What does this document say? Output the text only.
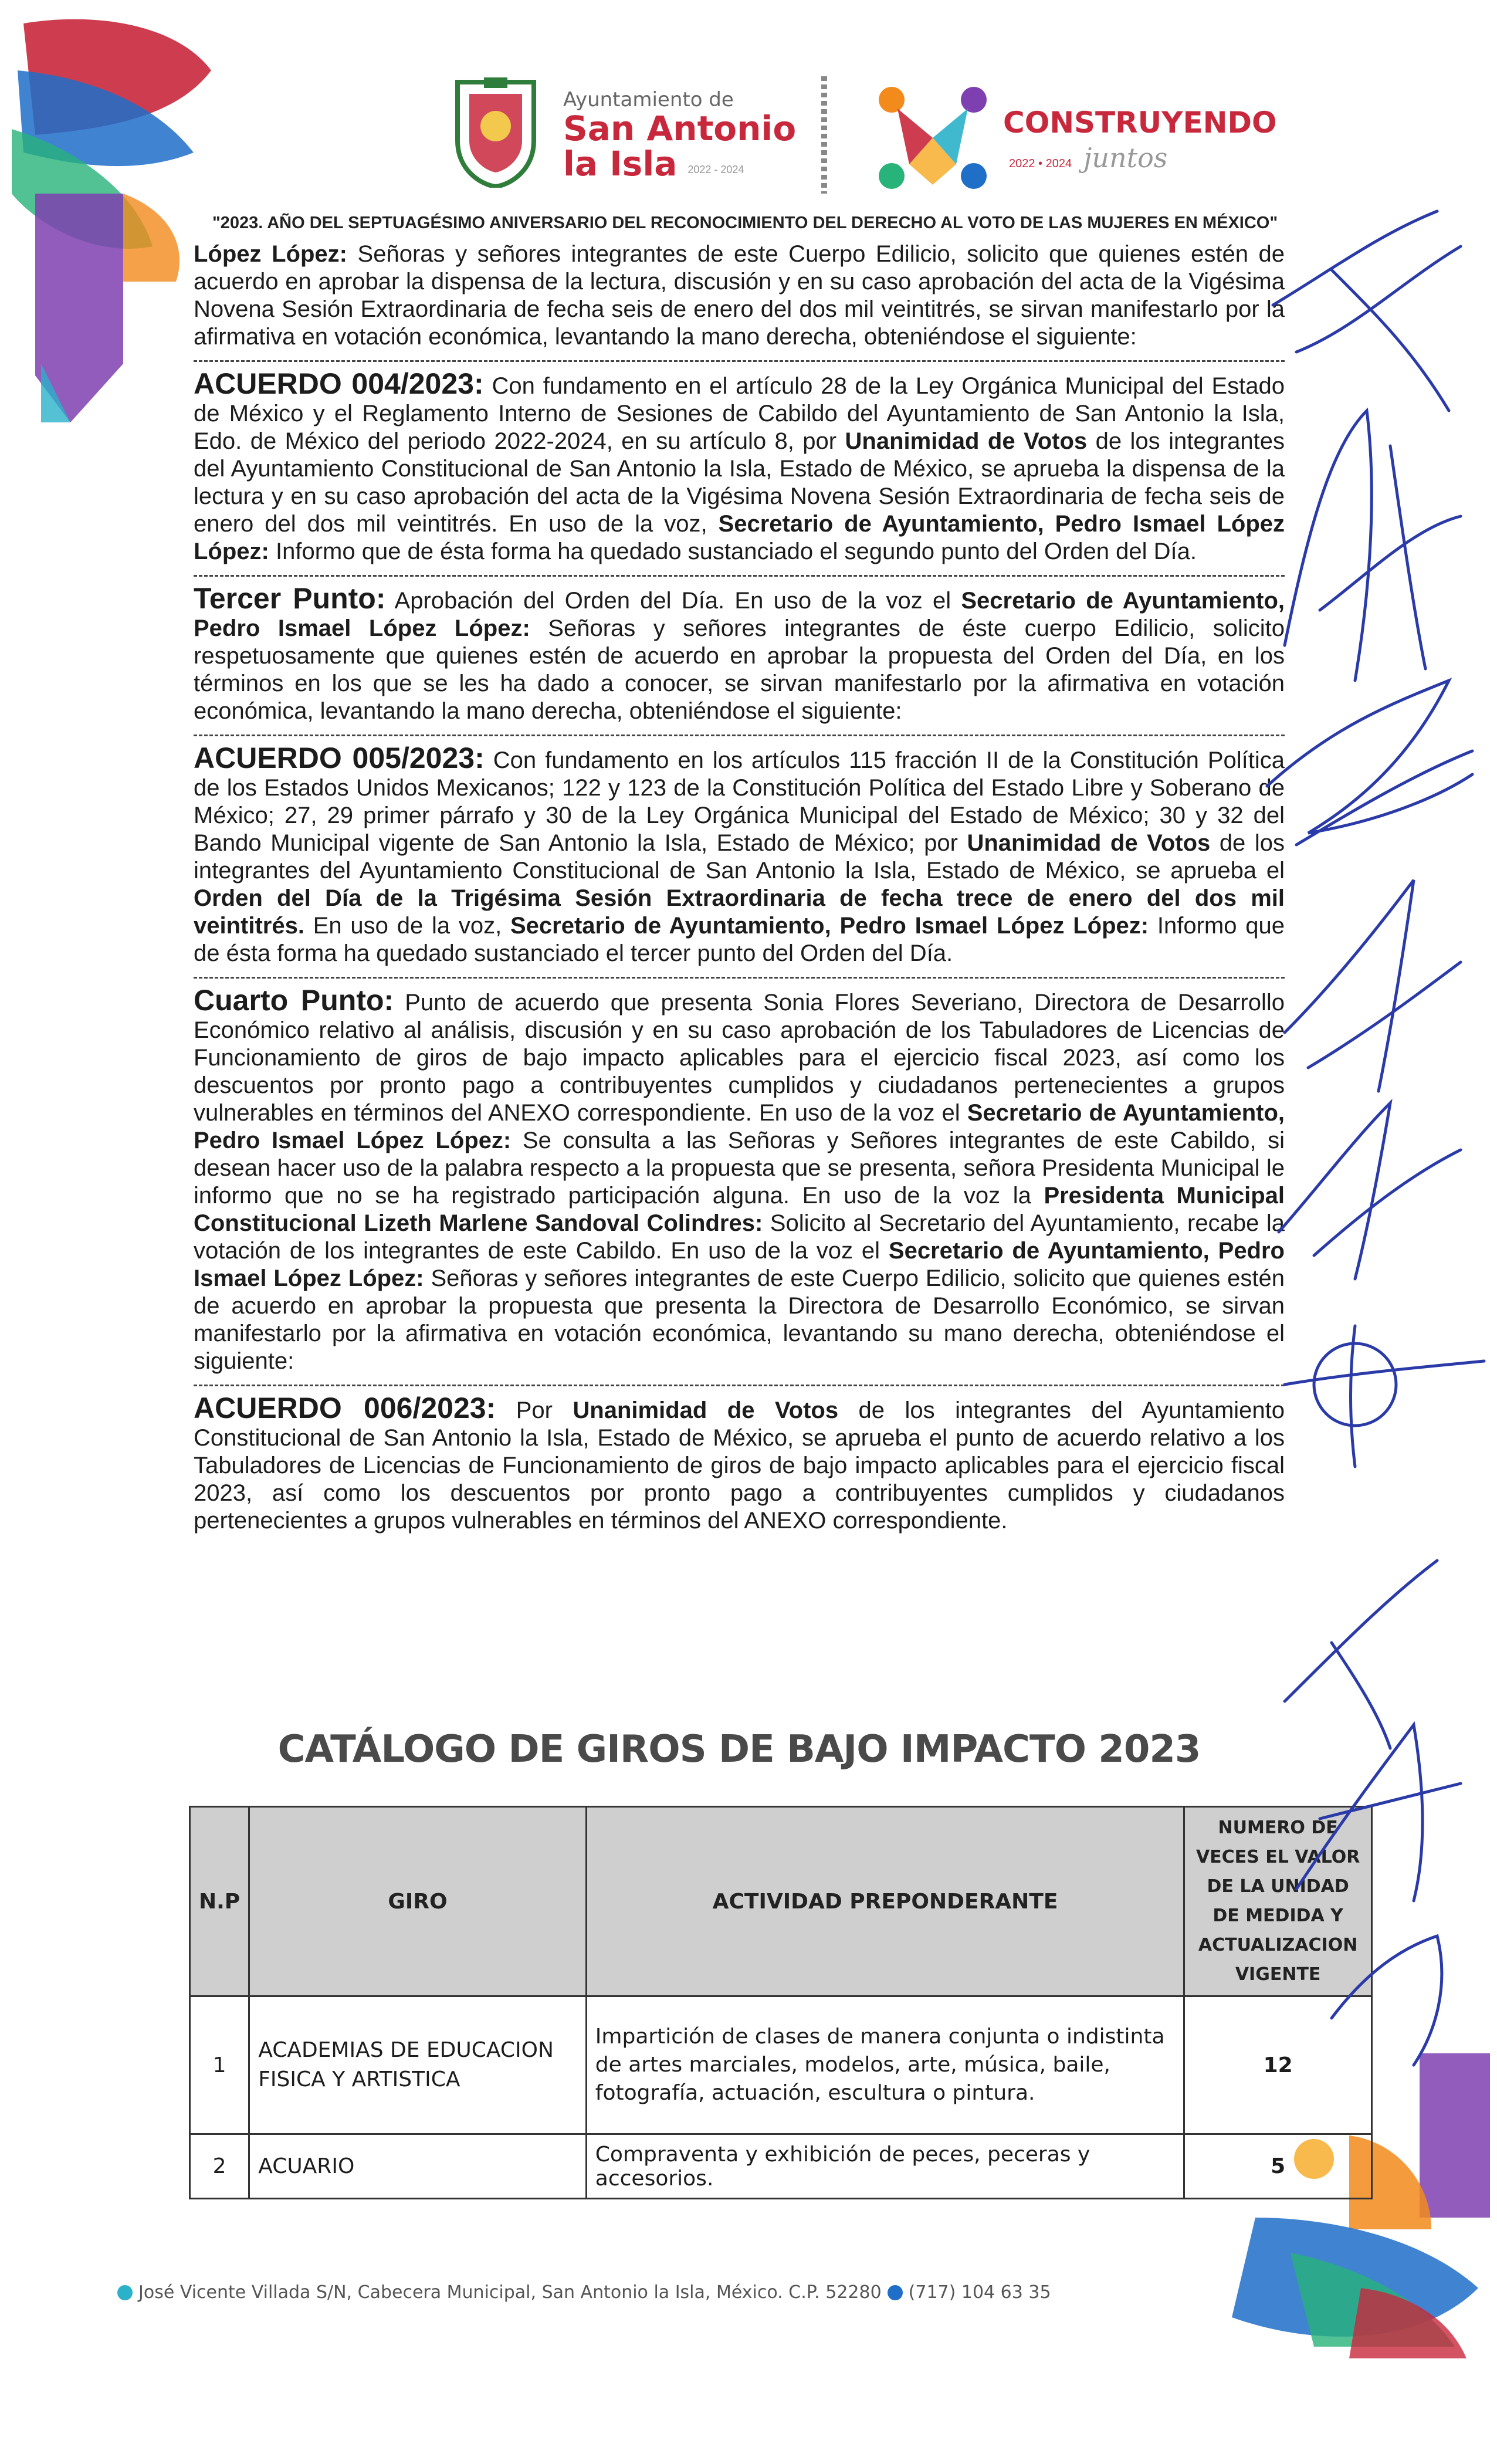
Ayuntamiento de
San Antonio
la Isla 2022 - 2024
CONSTRUYENDO
2022 • 2024 juntos
"2023. AÑO DEL SEPTUAGÉSIMO ANIVERSARIO DEL RECONOCIMIENTO DEL DERECHO AL VOTO DE LAS MUJERES EN MÉXICO"

López López: Señoras y señores integrantes de este Cuerpo Edilicio, solicito que quienes estén de acuerdo en aprobar la dispensa de la lectura, discusión y en su caso aprobación del acta de la Vigésima Novena Sesión Extraordinaria de fecha seis de enero del dos mil veintitrés, se sirvan manifestarlo por la afirmativa en votación económica, levantando la mano derecha, obteniéndose el siguiente:

ACUERDO 004/2023: Con fundamento en el artículo 28 de la Ley Orgánica Municipal del Estado de México y el Reglamento Interno de Sesiones de Cabildo del Ayuntamiento de San Antonio la Isla, Edo. de México del periodo 2022-2024, en su artículo 8, por Unanimidad de Votos de los integrantes del Ayuntamiento Constitucional de San Antonio la Isla, Estado de México, se aprueba la dispensa de la lectura y en su caso aprobación del acta de la Vigésima Novena Sesión Extraordinaria de fecha seis de enero del dos mil veintitrés. En uso de la voz, Secretario de Ayuntamiento, Pedro Ismael López López: Informo que de ésta forma ha quedado sustanciado el segundo punto del Orden del Día.

Tercer Punto: Aprobación del Orden del Día. En uso de la voz el Secretario de Ayuntamiento, Pedro Ismael López López: Señoras y señores integrantes de éste cuerpo Edilicio, solicito respetuosamente que quienes estén de acuerdo en aprobar la propuesta del Orden del Día, en los términos en los que se les ha dado a conocer, se sirvan manifestarlo por la afirmativa en votación económica, levantando la mano derecha, obteniéndose el siguiente:

ACUERDO 005/2023: Con fundamento en los artículos 115 fracción II de la Constitución Política de los Estados Unidos Mexicanos; 122 y 123 de la Constitución Política del Estado Libre y Soberano de México; 27, 29 primer párrafo y 30 de la Ley Orgánica Municipal del Estado de México; 30 y 32 del Bando Municipal vigente de San Antonio la Isla, Estado de México; por Unanimidad de Votos de los integrantes del Ayuntamiento Constitucional de San Antonio la Isla, Estado de México, se aprueba el Orden del Día de la Trigésima Sesión Extraordinaria de fecha trece de enero del dos mil veintitrés. En uso de la voz, Secretario de Ayuntamiento, Pedro Ismael López López: Informo que de ésta forma ha quedado sustanciado el tercer punto del Orden del Día.

Cuarto Punto: Punto de acuerdo que presenta Sonia Flores Severiano, Directora de Desarrollo Económico relativo al análisis, discusión y en su caso aprobación de los Tabuladores de Licencias de Funcionamiento de giros de bajo impacto aplicables para el ejercicio fiscal 2023, así como los descuentos por pronto pago a contribuyentes cumplidos y ciudadanos pertenecientes a grupos vulnerables en términos del ANEXO correspondiente. En uso de la voz el Secretario de Ayuntamiento, Pedro Ismael López López: Se consulta a las Señoras y Señores integrantes de este Cabildo, si desean hacer uso de la palabra respecto a la propuesta que se presenta, señora Presidenta Municipal le informo que no se ha registrado participación alguna. En uso de la voz la Presidenta Municipal Constitucional Lizeth Marlene Sandoval Colindres: Solicito al Secretario del Ayuntamiento, recabe la votación de los integrantes de este Cabildo. En uso de la voz el Secretario de Ayuntamiento, Pedro Ismael López López: Señoras y señores integrantes de este Cuerpo Edilicio, solicito que quienes estén de acuerdo en aprobar la propuesta que presenta la Directora de Desarrollo Económico, se sirvan manifestarlo por la afirmativa en votación económica, levantando su mano derecha, obteniéndose el siguiente:

ACUERDO 006/2023: Por Unanimidad de Votos de los integrantes del Ayuntamiento Constitucional de San Antonio la Isla, Estado de México, se aprueba el punto de acuerdo relativo a los Tabuladores de Licencias de Funcionamiento de giros de bajo impacto aplicables para el ejercicio fiscal 2023, así como los descuentos por pronto pago a contribuyentes cumplidos y ciudadanos pertenecientes a grupos vulnerables en términos del ANEXO correspondiente.

CATÁLOGO DE GIROS DE BAJO IMPACTO 2023
N.P	GIRO	ACTIVIDAD PREPONDERANTE	NUMERO DE VECES EL VALOR DE LA UNIDAD DE MEDIDA Y ACTUALIZACION VIGENTE
1	ACADEMIAS DE EDUCACION FISICA Y ARTISTICA	Impartición de clases de manera conjunta o indistinta de artes marciales, modelos, arte, música, baile, fotografía, actuación, escultura o pintura.	12
2	ACUARIO	Compraventa y exhibición de peces, peceras y accesorios.	5
José Vicente Villada S/N, Cabecera Municipal, San Antonio la Isla, México. C.P. 52280 (717) 104 63 35
